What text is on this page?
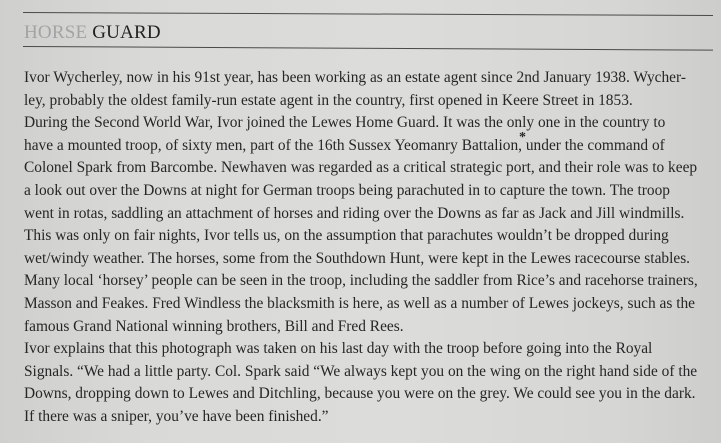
HORSE GUARD
Ivor Wycherley, now in his 91st year, has been working as an estate agent since 2nd January 1938. Wycher-
ley, probably the oldest family-run estate agent in the country, first opened in Keere Street in 1853.
During the Second World War, Ivor joined the Lewes Home Guard. It was the only one in the country to
have a mounted troop, of sixty men, part of the 16th Sussex Yeomanry Battalion,* under the command of
Colonel Spark from Barcombe. Newhaven was regarded as a critical strategic port, and their role was to keep
a look out over the Downs at night for German troops being parachuted in to capture the town. The troop
went in rotas, saddling an attachment of horses and riding over the Downs as far as Jack and Jill windmills.
This was only on fair nights, Ivor tells us, on the assumption that parachutes wouldn’t be dropped during
wet/windy weather. The horses, some from the Southdown Hunt, were kept in the Lewes racecourse stables.
Many local ‘horsey’ people can be seen in the troop, including the saddler from Rice’s and racehorse trainers,
Masson and Feakes. Fred Windless the blacksmith is here, as well as a number of Lewes jockeys, such as the
famous Grand National winning brothers, Bill and Fred Rees.
Ivor explains that this photograph was taken on his last day with the troop before going into the Royal
Signals. “We had a little party. Col. Spark said “We always kept you on the wing on the right hand side of the
Downs, dropping down to Lewes and Ditchling, because you were on the grey. We could see you in the dark.
If there was a sniper, you’ve have been finished.”
